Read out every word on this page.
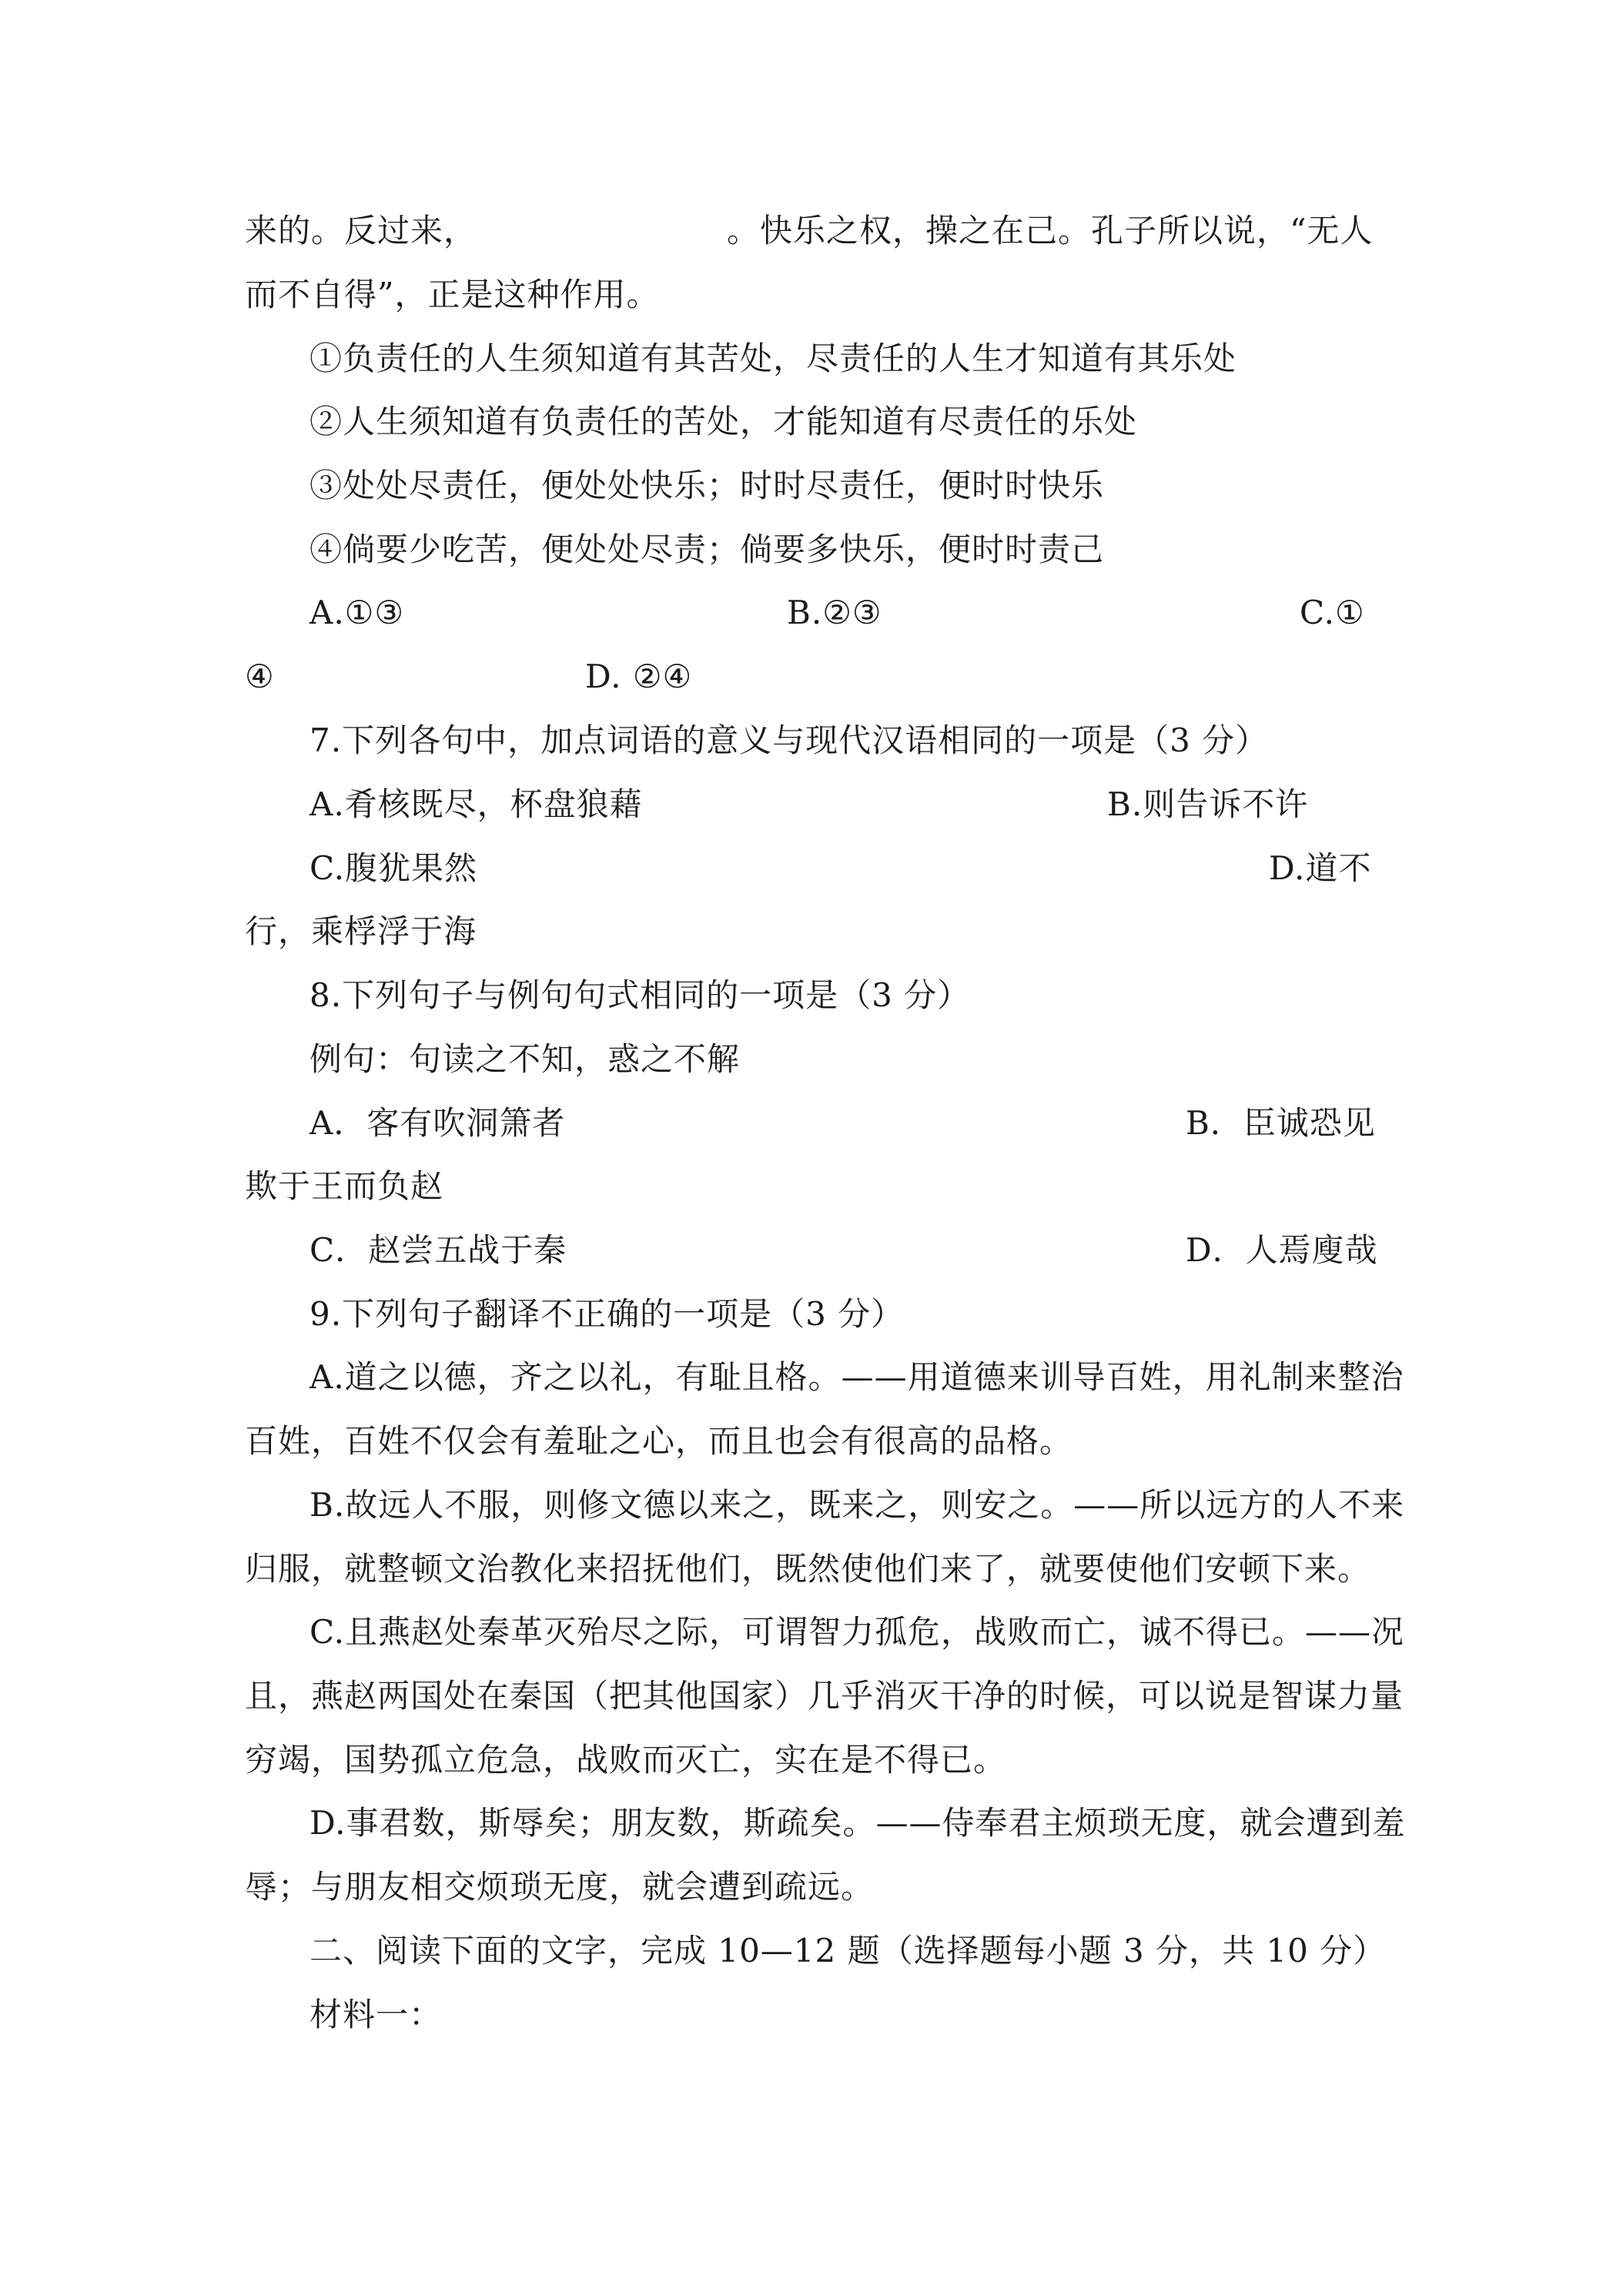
来的。反过来，	。快乐之权，操之在己。孔子所以说，“无人
而不自得”，正是这种作用。
①负责任的人生须知道有其苦处，尽责任的人生才知道有其乐处
②人生须知道有负责任的苦处，才能知道有尽责任的乐处
③处处尽责任，便处处快乐；时时尽责任，便时时快乐
④倘要少吃苦，便处处尽责；倘要多快乐，便时时责己
A.①③	B.②③	C.①
④	D. ②④
7.下列各句中，加点词语的意义与现代汉语相同的一项是（3 分）
A.肴核既尽，杯盘狼藉	B.则告诉不许
C.腹犹果然	D.道不
行，乘桴浮于海
8.下列句子与例句句式相同的一项是（3 分）
例句：句读之不知，惑之不解
A．客有吹洞箫者	B．臣诚恐见
欺于王而负赵
C．赵尝五战于秦	D．人焉廋哉
9.下列句子翻译不正确的一项是（3 分）
A.道之以德，齐之以礼，有耻且格。——用道德来训导百姓，用礼制来整治
百姓，百姓不仅会有羞耻之心，而且也会有很高的品格。
B.故远人不服，则修文德以来之，既来之，则安之。——所以远方的人不来
归服，就整顿文治教化来招抚他们，既然使他们来了，就要使他们安顿下来。
C.且燕赵处秦革灭殆尽之际，可谓智力孤危，战败而亡，诚不得已。——况
且，燕赵两国处在秦国（把其他国家）几乎消灭干净的时候，可以说是智谋力量
穷竭，国势孤立危急，战败而灭亡，实在是不得已。
D.事君数，斯辱矣；朋友数，斯疏矣。——侍奉君主烦琐无度，就会遭到羞
辱；与朋友相交烦琐无度，就会遭到疏远。
二、阅读下面的文字，完成 10—12 题（选择题每小题 3 分，共 10 分）
材料一：
